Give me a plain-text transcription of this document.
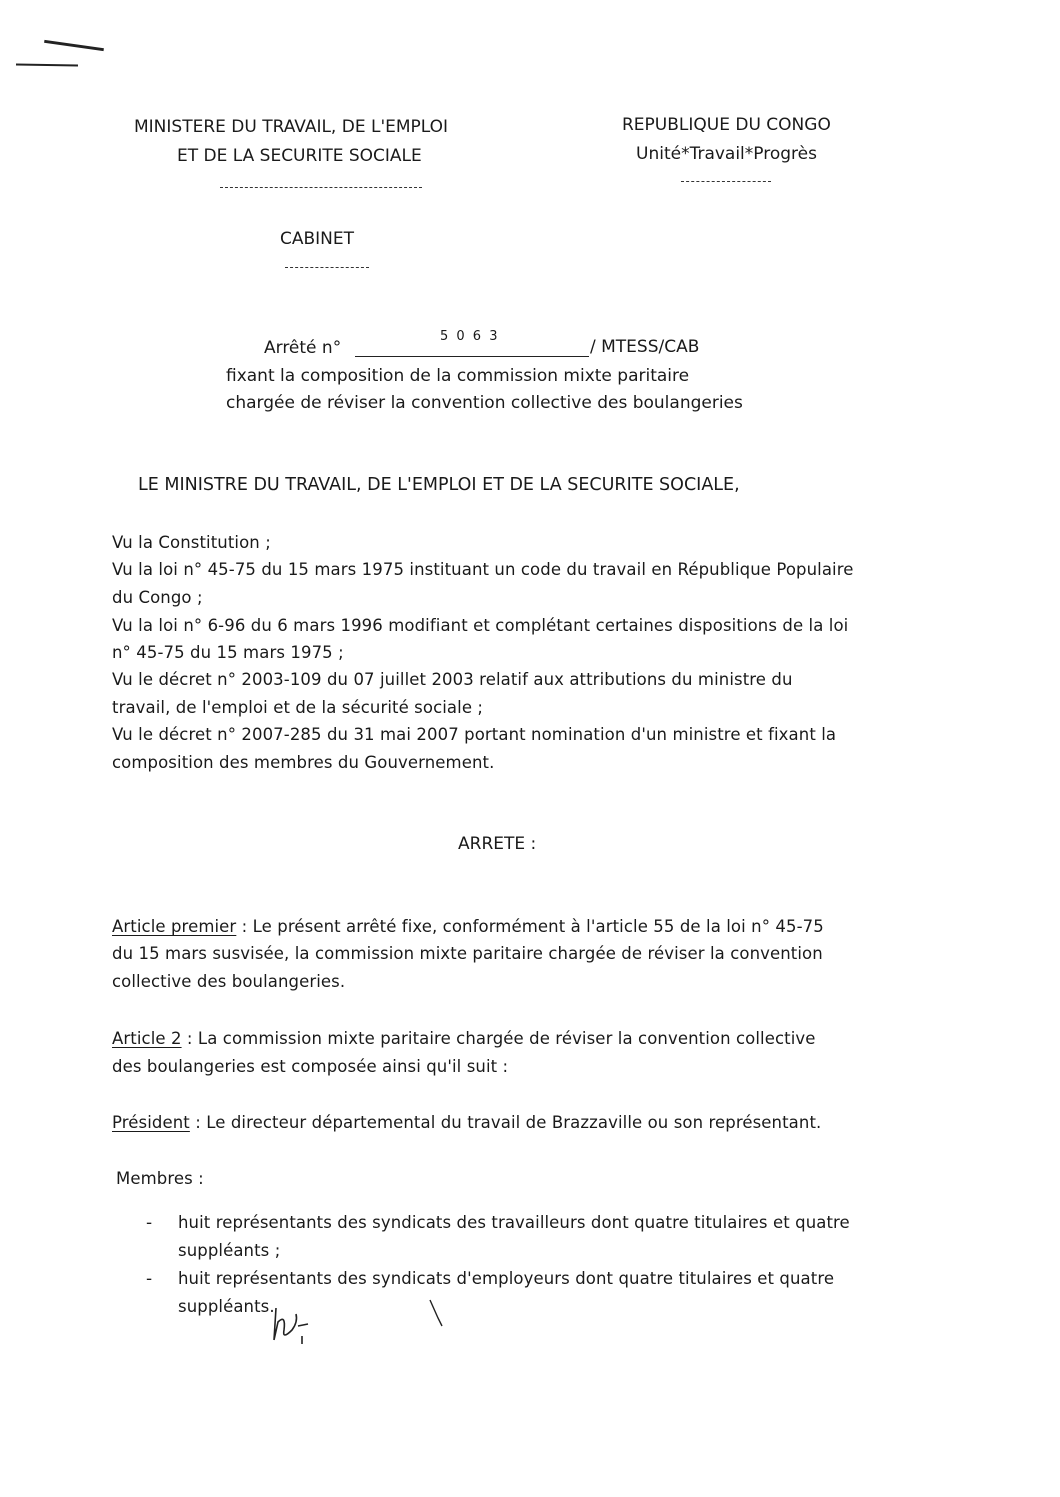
MINISTERE DU TRAVAIL, DE L'EMPLOI
ET DE LA SECURITE SOCIALE
REPUBLIQUE DU CONGO
Unité*Travail*Progrès
CABINET
Arrêté n°
5 0 6 3
/ MTESS/CAB
fixant la composition de la commission mixte paritaire
chargée de réviser la convention collective des boulangeries
LE MINISTRE DU TRAVAIL, DE L'EMPLOI ET DE LA SECURITE SOCIALE,
Vu la Constitution ;
Vu la loi n° 45-75 du 15 mars 1975 instituant un code du travail en République Populaire
du Congo ;
Vu la loi n° 6-96 du 6 mars 1996 modifiant et complétant certaines dispositions de la loi
n° 45-75 du 15 mars 1975 ;
Vu le décret n° 2003-109 du 07 juillet 2003 relatif aux attributions du ministre du
travail, de l'emploi et de la sécurité sociale ;
Vu le décret n° 2007-285 du 31 mai 2007 portant nomination d'un ministre et fixant la
composition des membres du Gouvernement.
ARRETE :
Article premier : Le présent arrêté fixe, conformément à l'article 55 de la loi n° 45-75
du 15 mars susvisée, la commission mixte paritaire chargée de réviser la convention
collective des boulangeries.
Article 2 : La commission mixte paritaire chargée de réviser la convention collective
des boulangeries est composée ainsi qu'il suit :
Président : Le directeur départemental du travail de Brazzaville ou son représentant.
Membres :
- huit représentants des syndicats des travailleurs dont quatre titulaires et quatre
suppléants ;
- huit représentants des syndicats d'employeurs dont quatre titulaires et quatre
suppléants.
